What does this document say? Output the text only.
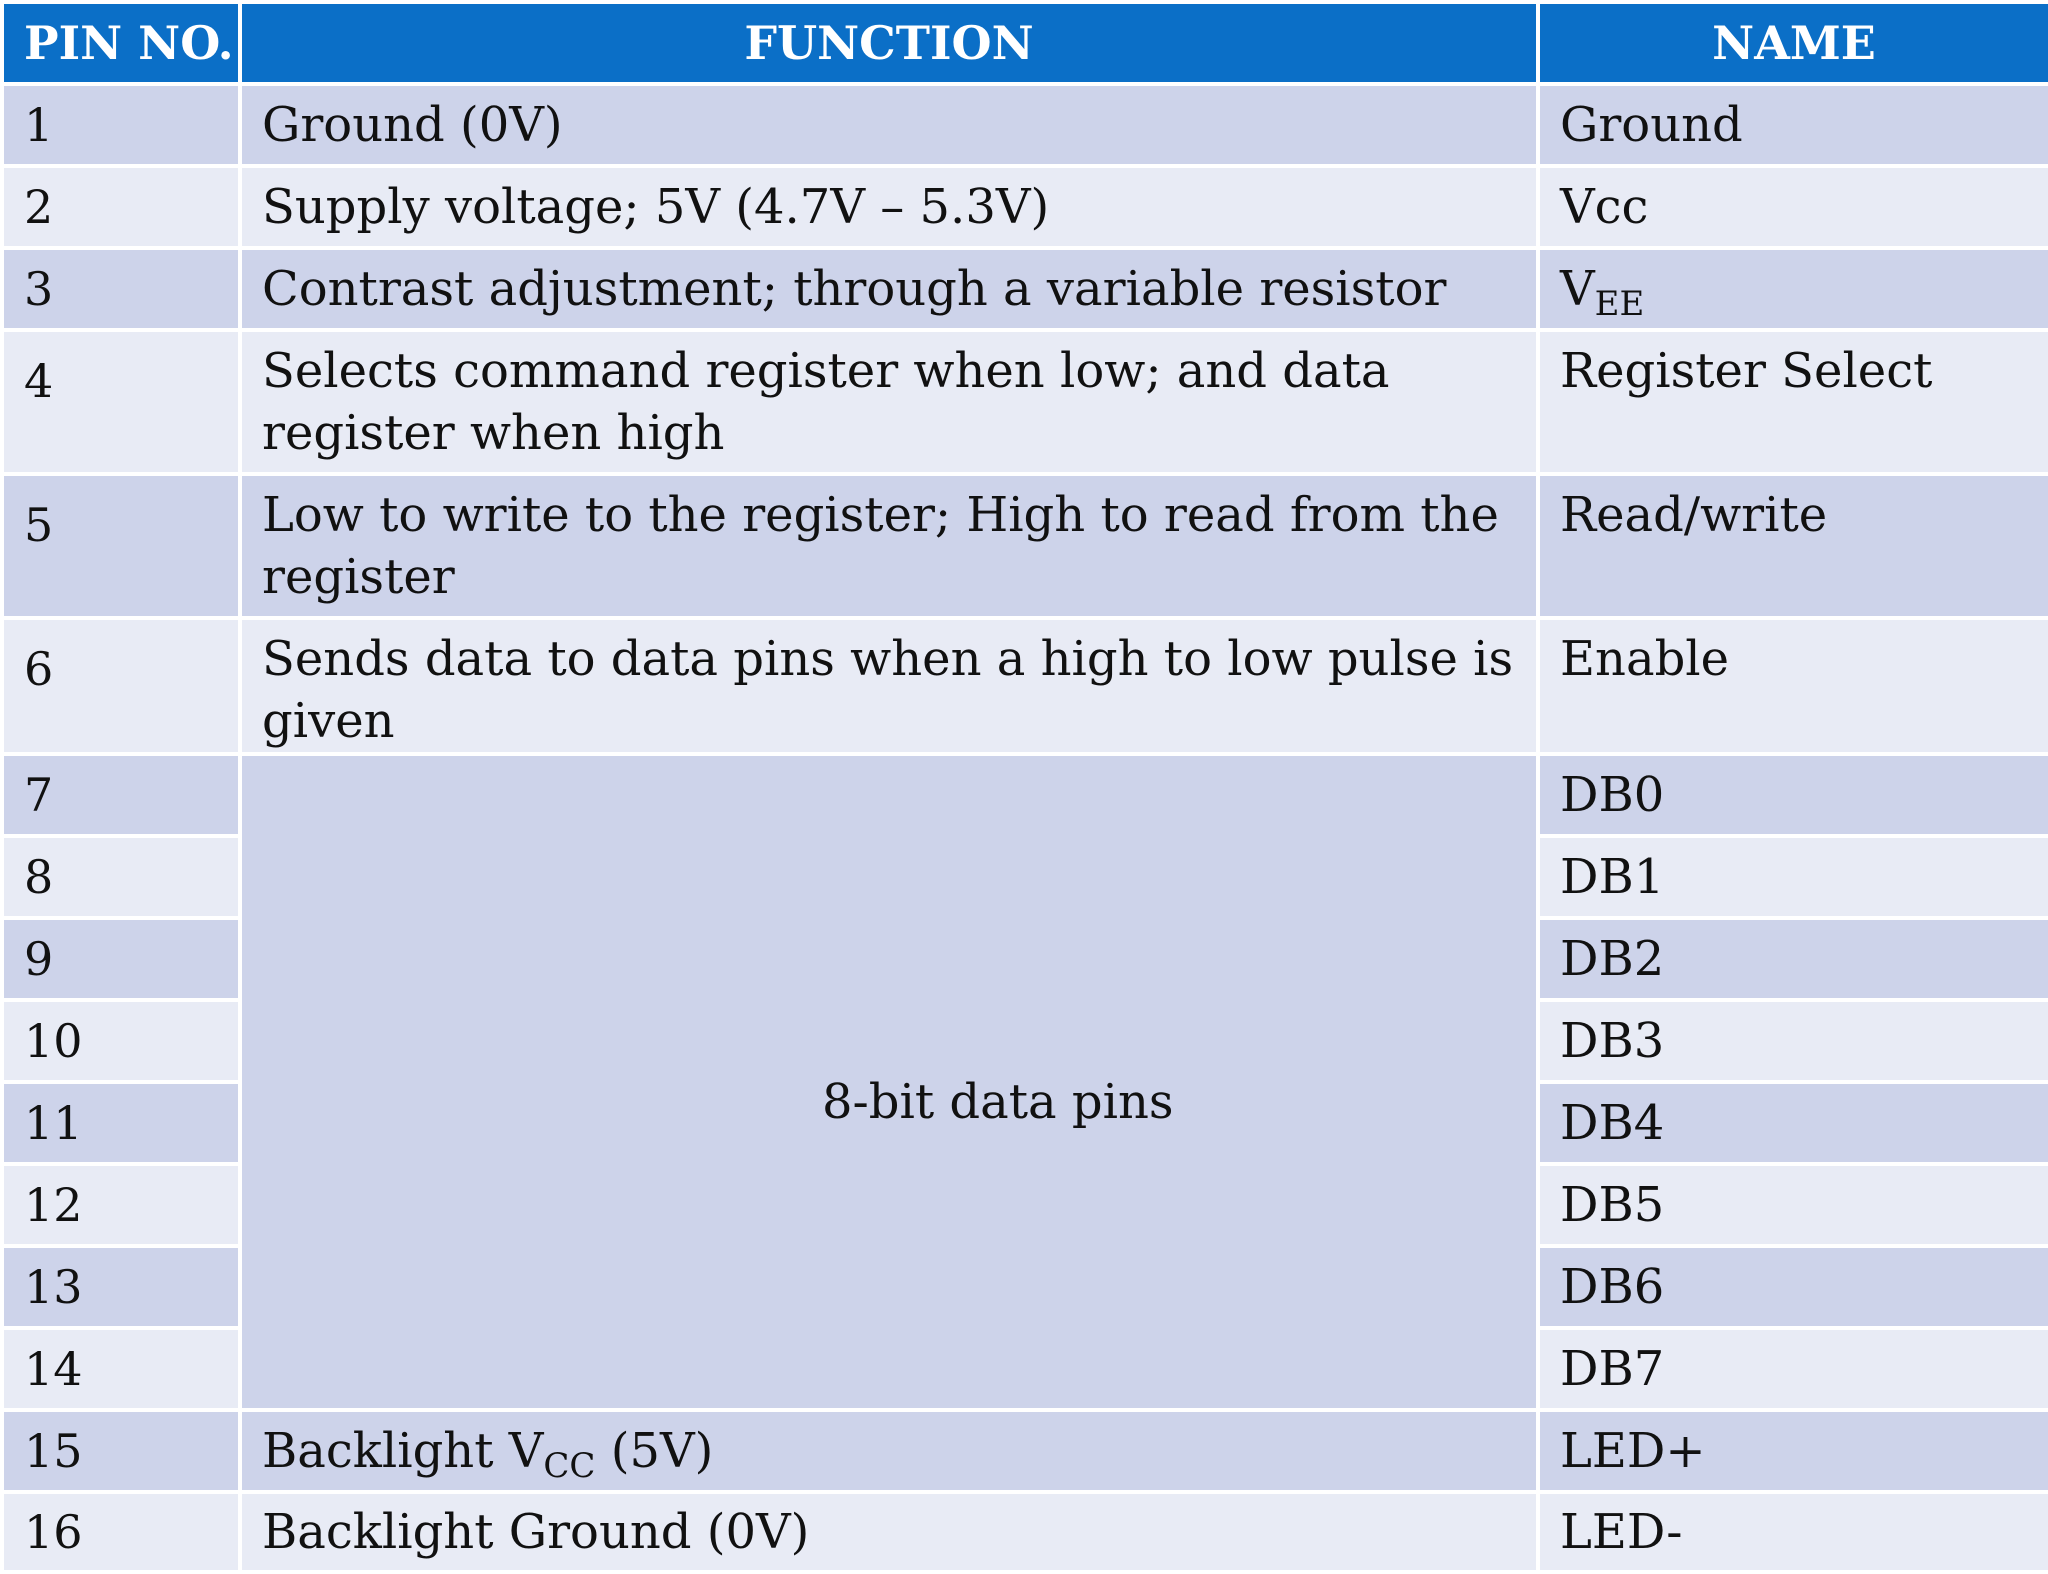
PIN NO.	FUNCTION	NAME
1	Ground (0V)	Ground
2	Supply voltage; 5V (4.7V – 5.3V)	Vcc
3	Contrast adjustment; through a variable resistor	$V_{EE}$
4	Selects command register when low; and data register when high	Register Select
5	Low to write to the register; High to read from the register	Read/write
6	Sends data to data pins when a high to low pulse is given	Enable
7	8-bit data pins	DB0
8		DB1
9		DB2
10		DB3
11		DB4
12		DB5
13		DB6
14		DB7
15	Backlight $V_{CC}$ (5V)	LED+
16	Backlight Ground (0V)	LED-
